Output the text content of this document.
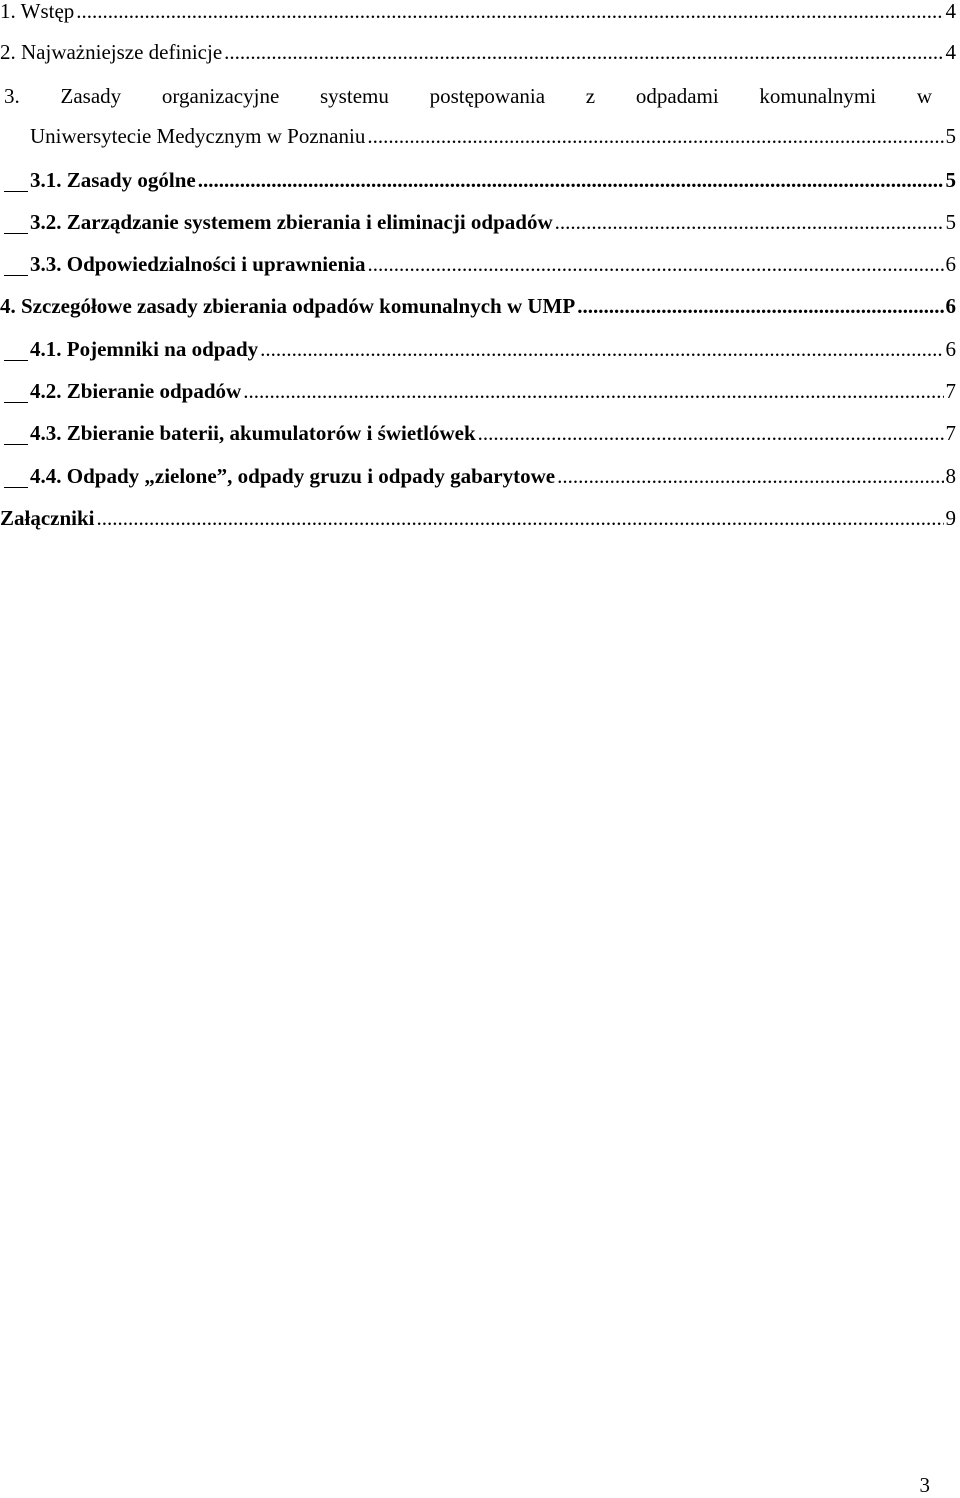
1. Wstęp .....	4
2. Najważniejsze definicje .....	4
3. Zasady organizacyjne systemu postępowania z odpadami komunalnymi w
Uniwersytecie Medycznym w Poznaniu .....	5
3.1. Zasady ogólne .....	5
3.2. Zarządzanie systemem zbierania i eliminacji odpadów .....	5
3.3. Odpowiedzialności i uprawnienia .....	6
4. Szczegółowe zasady zbierania odpadów komunalnych w UMP .....	6
4.1. Pojemniki na odpady .....	6
4.2. Zbieranie odpadów .....	7
4.3. Zbieranie baterii, akumulatorów i świetlówek .....	7
4.4. Odpady „zielone”, odpady gruzu i odpady gabarytowe .....	8
Załączniki .....	9
3
